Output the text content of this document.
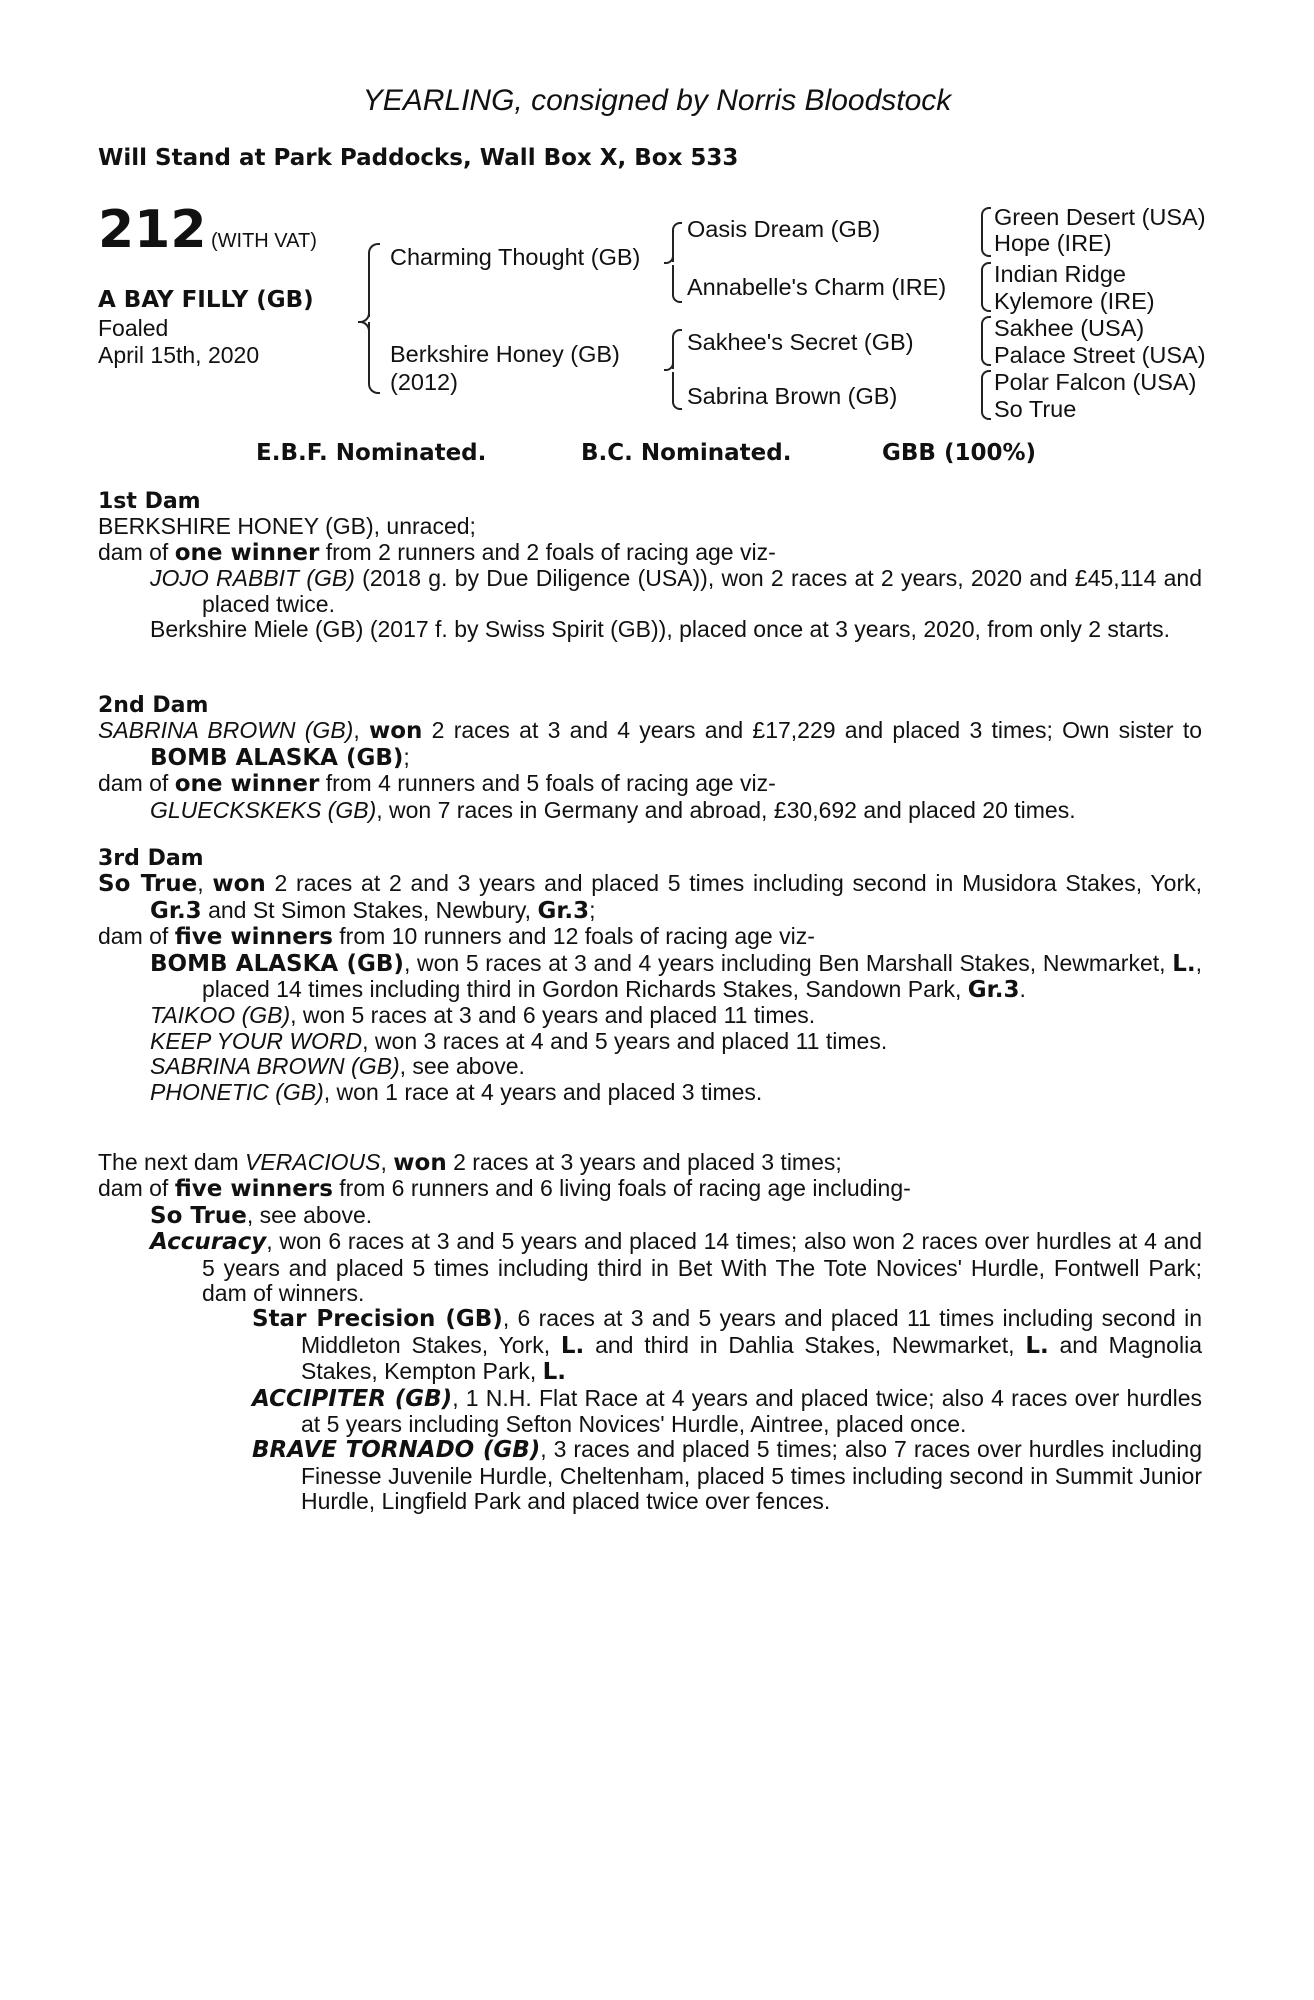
YEARLING, consigned by Norris Bloodstock
Will Stand at Park Paddocks, Wall Box X, Box 533
212 (WITH VAT)
A BAY FILLY (GB)
Foaled
April 15th, 2020
Charming Thought (GB)
Berkshire Honey (GB)
(2012)
Oasis Dream (GB)
Annabelle's Charm (IRE)
Sakhee's Secret (GB)
Sabrina Brown (GB)
Green Desert (USA)
Hope (IRE)
Indian Ridge
Kylemore (IRE)
Sakhee (USA)
Palace Street (USA)
Polar Falcon (USA)
So True
E.B.F. Nominated.	B.C. Nominated.	GBB (100%)

1st Dam

BERKSHIRE HONEY (GB), unraced;

dam of one winner from 2 runners and 2 foals of racing age viz-

JOJO RABBIT (GB) (2018 g. by Due Diligence (USA)), won 2 races at 2 years, 2020 and £45,114 and placed twice.

Berkshire Miele (GB) (2017 f. by Swiss Spirit (GB)), placed once at 3 years, 2020, from only 2 starts.

2nd Dam

SABRINA BROWN (GB), won 2 races at 3 and 4 years and £17,229 and placed 3 times; Own sister to BOMB ALASKA (GB);

dam of one winner from 4 runners and 5 foals of racing age viz-

GLUECKSKEKS (GB), won 7 races in Germany and abroad, £30,692 and placed 20 times.

3rd Dam

So True, won 2 races at 2 and 3 years and placed 5 times including second in Musidora Stakes, York, Gr.3 and St Simon Stakes, Newbury, Gr.3;

dam of five winners from 10 runners and 12 foals of racing age viz-

BOMB ALASKA (GB), won 5 races at 3 and 4 years including Ben Marshall Stakes, Newmarket, L., placed 14 times including third in Gordon Richards Stakes, Sandown Park, Gr.3.

TAIKOO (GB), won 5 races at 3 and 6 years and placed 11 times.

KEEP YOUR WORD, won 3 races at 4 and 5 years and placed 11 times.

SABRINA BROWN (GB), see above.

PHONETIC (GB), won 1 race at 4 years and placed 3 times.

The next dam VERACIOUS, won 2 races at 3 years and placed 3 times;

dam of five winners from 6 runners and 6 living foals of racing age including-

So True, see above.

Accuracy, won 6 races at 3 and 5 years and placed 14 times; also won 2 races over hurdles at 4 and 5 years and placed 5 times including third in Bet With The Tote Novices' Hurdle, Fontwell Park; dam of winners.

Star Precision (GB), 6 races at 3 and 5 years and placed 11 times including second in Middleton Stakes, York, L. and third in Dahlia Stakes, Newmarket, L. and Magnolia Stakes, Kempton Park, L.

ACCIPITER (GB), 1 N.H. Flat Race at 4 years and placed twice; also 4 races over hurdles at 5 years including Sefton Novices' Hurdle, Aintree, placed once.

BRAVE TORNADO (GB), 3 races and placed 5 times; also 7 races over hurdles including Finesse Juvenile Hurdle, Cheltenham, placed 5 times including second in Summit Junior Hurdle, Lingfield Park and placed twice over fences.
